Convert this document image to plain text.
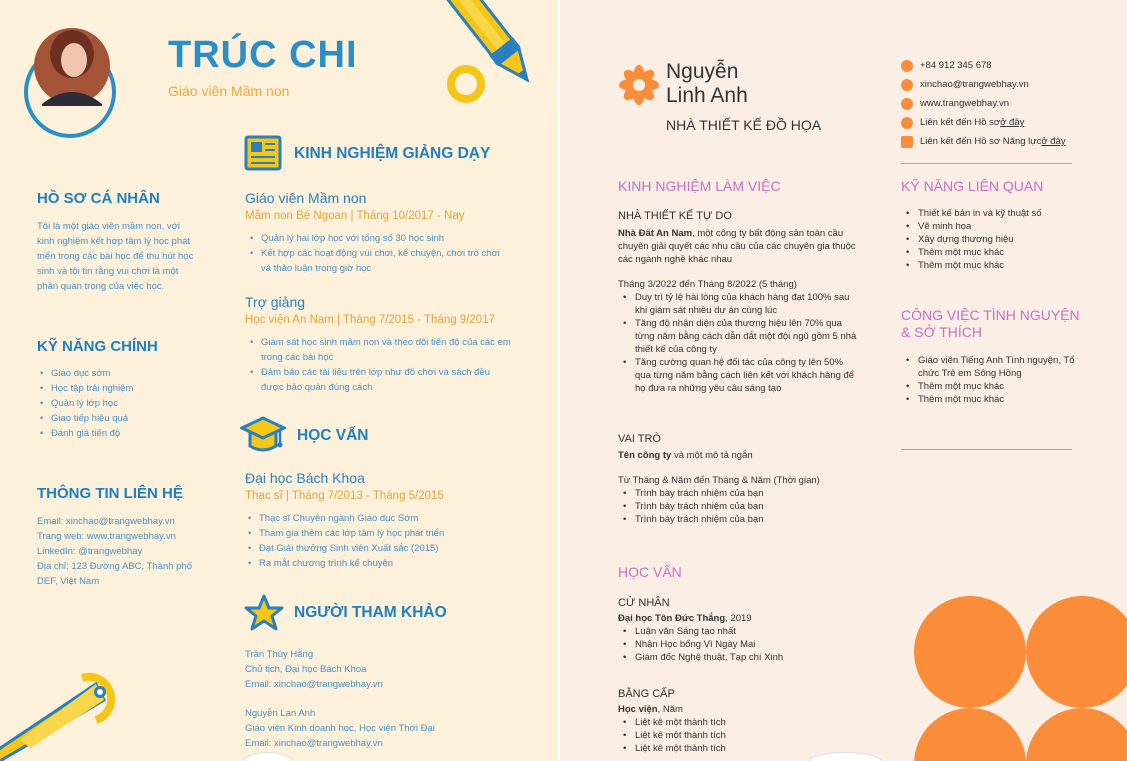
TRÚC CHI
Giáo viên Mầm non
HỒ SƠ CÁ NHÂN
Tôi là một giáo viên mầm non, với kinh nghiệm kết hợp tâm lý học phát triển trong các bài học để thu hút học sinh và tôi tin rằng vui chơi là một phần quan trọng của việc học.
KỸ NĂNG CHÍNH
• Giáo dục sớm
• Học tập trải nghiệm
• Quản lý lớp học
• Giao tiếp hiệu quả
• Đánh giá tiến độ
THÔNG TIN LIÊN HỆ
Email: xinchao@trangwebhay.vn
Trang web: www.trangwebhay.vn
LinkedIn: @trangwebhay
Địa chỉ: 123 Đường ABC, Thành phố DEF, Việt Nam
KINH NGHIỆM GIẢNG DẠY
Giáo viên Mầm non
Mầm non Bé Ngoan | Tháng 10/2017 - Nay
• Quản lý hai lớp học với tổng số 30 học sinh
• Kết hợp các hoạt động vui chơi, kể chuyện, chơi trò chơi và thảo luận trong giờ học
Trợ giảng
Học viện An Nam | Tháng 7/2015 - Tháng 9/2017
• Giám sát học sinh mầm non và theo dõi tiến độ của các em trong các bài học
• Đảm bảo các tài liệu trên lớp như đồ chơi và sách đều được bảo quản đúng cách
HỌC VẤN
Đại học Bách Khoa
Thạc sĩ | Tháng 7/2013 - Tháng 5/2015
• Thạc sĩ Chuyên ngành Giáo dục Sớm
• Tham gia thêm các lớp tâm lý học phát triển
• Đạt Giải thưởng Sinh viên Xuất sắc (2015)
• Ra mắt chương trình kể chuyện
NGƯỜI THAM KHẢO
Trần Thúy Hằng
Chủ tịch, Đại học Bách Khoa
Email: xinchao@trangwebhay.vn
Nguyễn Lan Anh
Giáo viên Kinh doanh học, Học viện Thời Đại
Email: xinchao@trangwebhay.vn
Nguyễn
Linh Anh
NHÀ THIẾT KẾ ĐỒ HỌA
+84 912 345 678
xinchao@trangwebhay.vn
www.trangwebhay.vn
Liên kết đến Hồ sơ ở đây
Liên kết đến Hồ sơ Năng lực ở đây
KINH NGHIỆM LÀM VIỆC
NHÀ THIẾT KẾ TỰ DO
Nhà Đất An Nam, một công ty bất động sản toàn cầu chuyên giải quyết các nhu cầu của các chuyên gia thuộc các ngành nghề khác nhau
Tháng 3/2022 đến Tháng 8/2022 (5 tháng)
• Duy trì tỷ lệ hài lòng của khách hàng đạt 100% sau khi giám sát nhiều dự án cùng lúc
• Tăng độ nhận diện của thương hiệu lên 70% qua từng năm bằng cách dẫn dắt một đội ngũ gồm 5 nhà thiết kế của công ty
• Tăng cường quan hệ đối tác của công ty lên 50% qua từng năm bằng cách liên kết với khách hàng để họ đưa ra những yêu cầu sáng tạo
VAI TRÒ
Tên công ty và một mô tả ngắn
Từ Tháng & Năm đến Tháng & Năm (Thời gian)
• Trình bày trách nhiệm của bạn
• Trình bày trách nhiệm của bạn
• Trình bày trách nhiệm của bạn
HỌC VẤN
CỬ NHÂN
Đại học Tôn Đức Thắng, 2019
• Luận văn Sáng tạo nhất
• Nhận Học bổng Vì Ngày Mai
• Giám đốc Nghệ thuật, Tạp chí Xinh
BẰNG CẤP
Học viện, Năm
• Liệt kê một thành tích
• Liệt kê một thành tích
• Liệt kê một thành tích
KỸ NĂNG LIÊN QUAN
• Thiết kế bản in và kỹ thuật số
• Vẽ minh họa
• Xây dựng thương hiệu
• Thêm một mục khác
• Thêm một mục khác
CÔNG VIỆC TÌNH NGUYỆN & SỞ THÍCH
• Giáo viên Tiếng Anh Tình nguyện, Tổ chức Trẻ em Sông Hồng
• Thêm một mục khác
• Thêm một mục khác
